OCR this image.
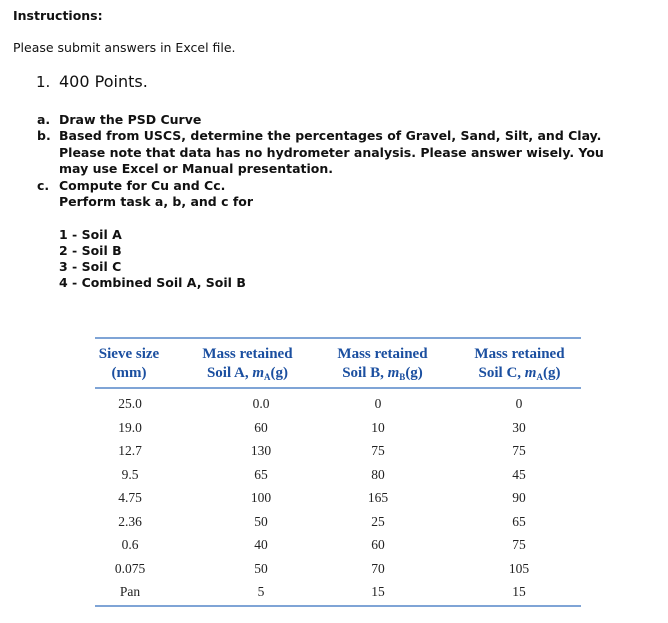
Instructions:
Please submit answers in Excel file.
1. 400 Points.
a. Draw the PSD Curve
b. Based from USCS, determine the percentages of Gravel, Sand, Silt, and Clay.
Please note that data has no hydrometer analysis. Please answer wisely. You
may use Excel or Manual presentation.
c. Compute for Cu and Cc.
Perform task a, b, and c for
1 - Soil A
2 - Soil B
3 - Soil C
4 - Combined Soil A, Soil B
Sieve size
(mm)
Mass retained
Soil A, $m_A(g)$
Mass retained
Soil B, $m_B(g)$
Mass retained
Soil C, $m_A(g)$
25.0	0.0	0	0
19.0	60	10	30
12.7	130	75	75
9.5	65	80	45
4.75	100	165	90
2.36	50	25	65
0.6	40	60	75
0.075	50	70	105
Pan	5	15	15
